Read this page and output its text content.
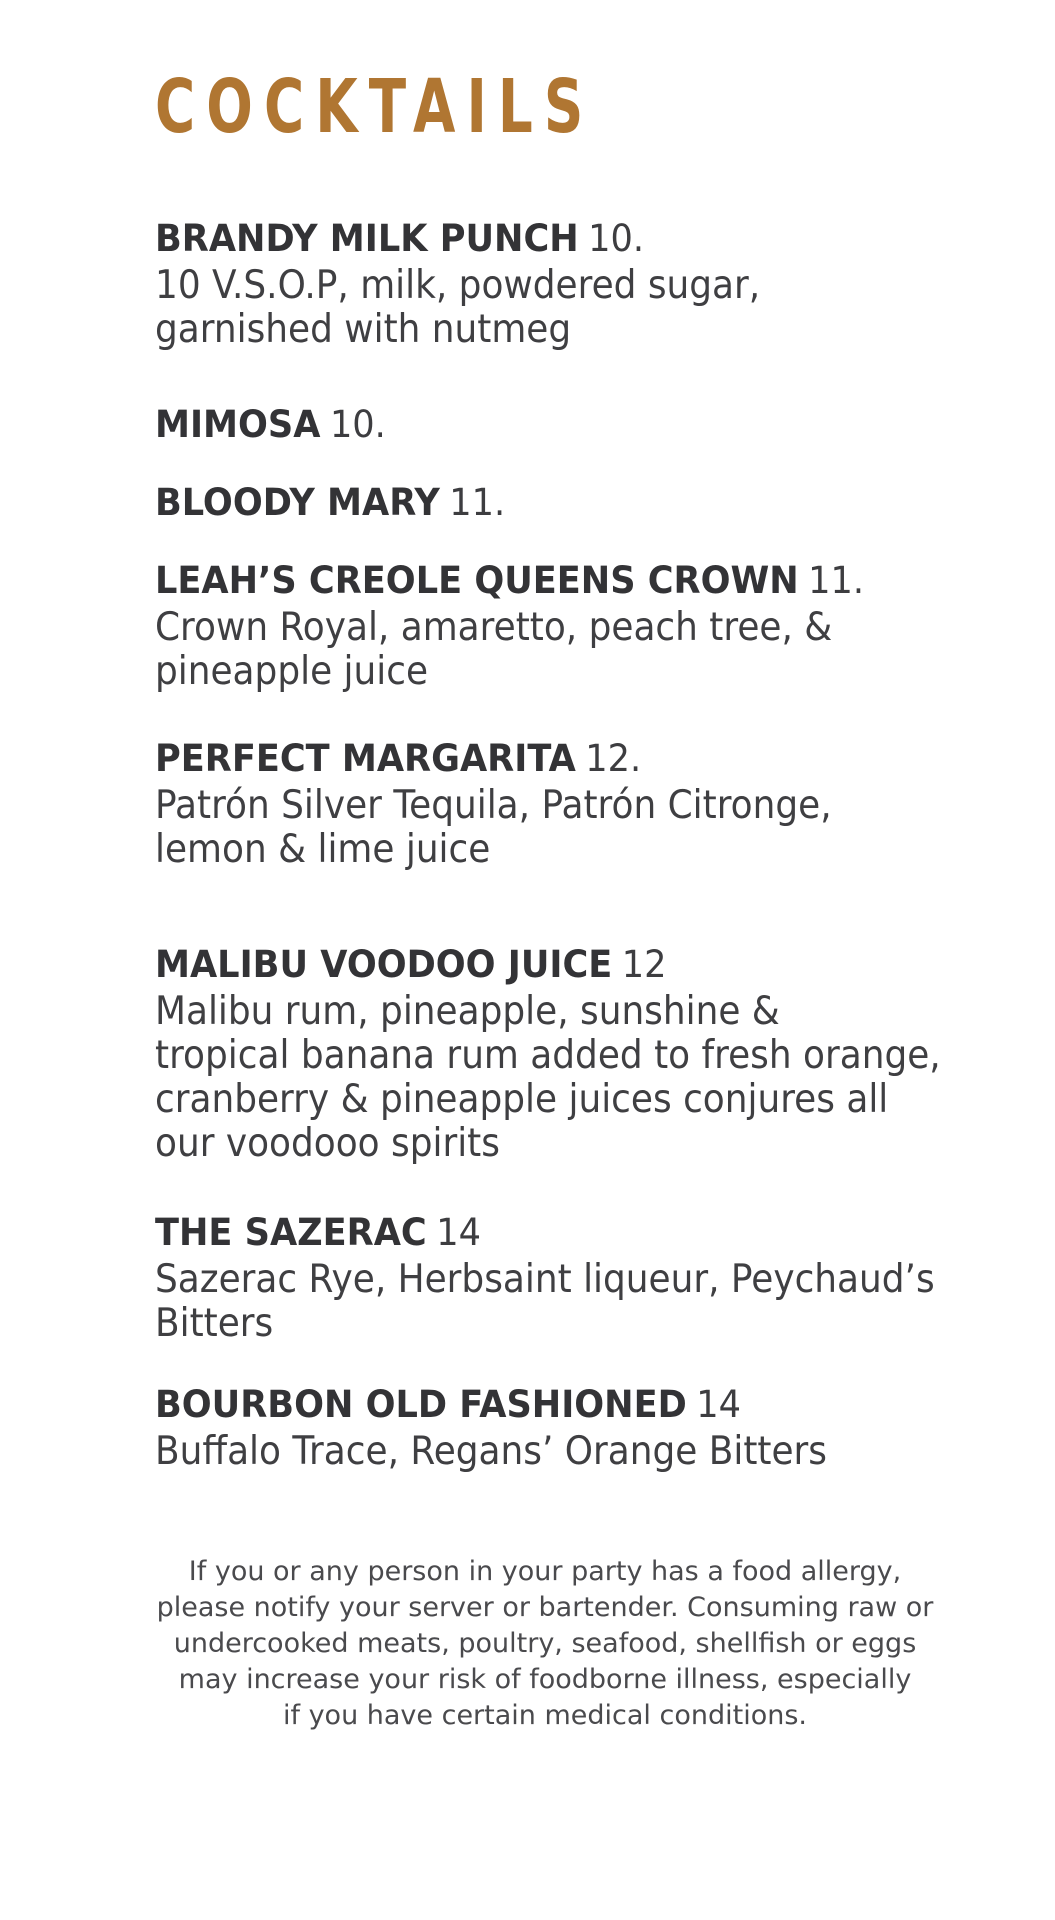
COCKTAILS
BRANDY MILK PUNCH 10.
10 V.S.O.P, milk, powdered sugar,
garnished with nutmeg
MIMOSA 10.
BLOODY MARY 11.
LEAH’S CREOLE QUEENS CROWN 11.
Crown Royal, amaretto, peach tree, &
pineapple juice
PERFECT MARGARITA 12.
Patrón Silver Tequila, Patrón Citronge,
lemon & lime juice
MALIBU VOODOO JUICE 12
Malibu rum, pineapple, sunshine &
tropical banana rum added to fresh orange,
cranberry & pineapple juices conjures all
our voodooo spirits
THE SAZERAC 14
Sazerac Rye, Herbsaint liqueur, Peychaud’s
Bitters
BOURBON OLD FASHIONED 14
Buffalo Trace, Regans’ Orange Bitters
If you or any person in your party has a food allergy,
please notify your server or bartender. Consuming raw or
undercooked meats, poultry, seafood, shellfish or eggs
may increase your risk of foodborne illness, especially
if you have certain medical conditions.
